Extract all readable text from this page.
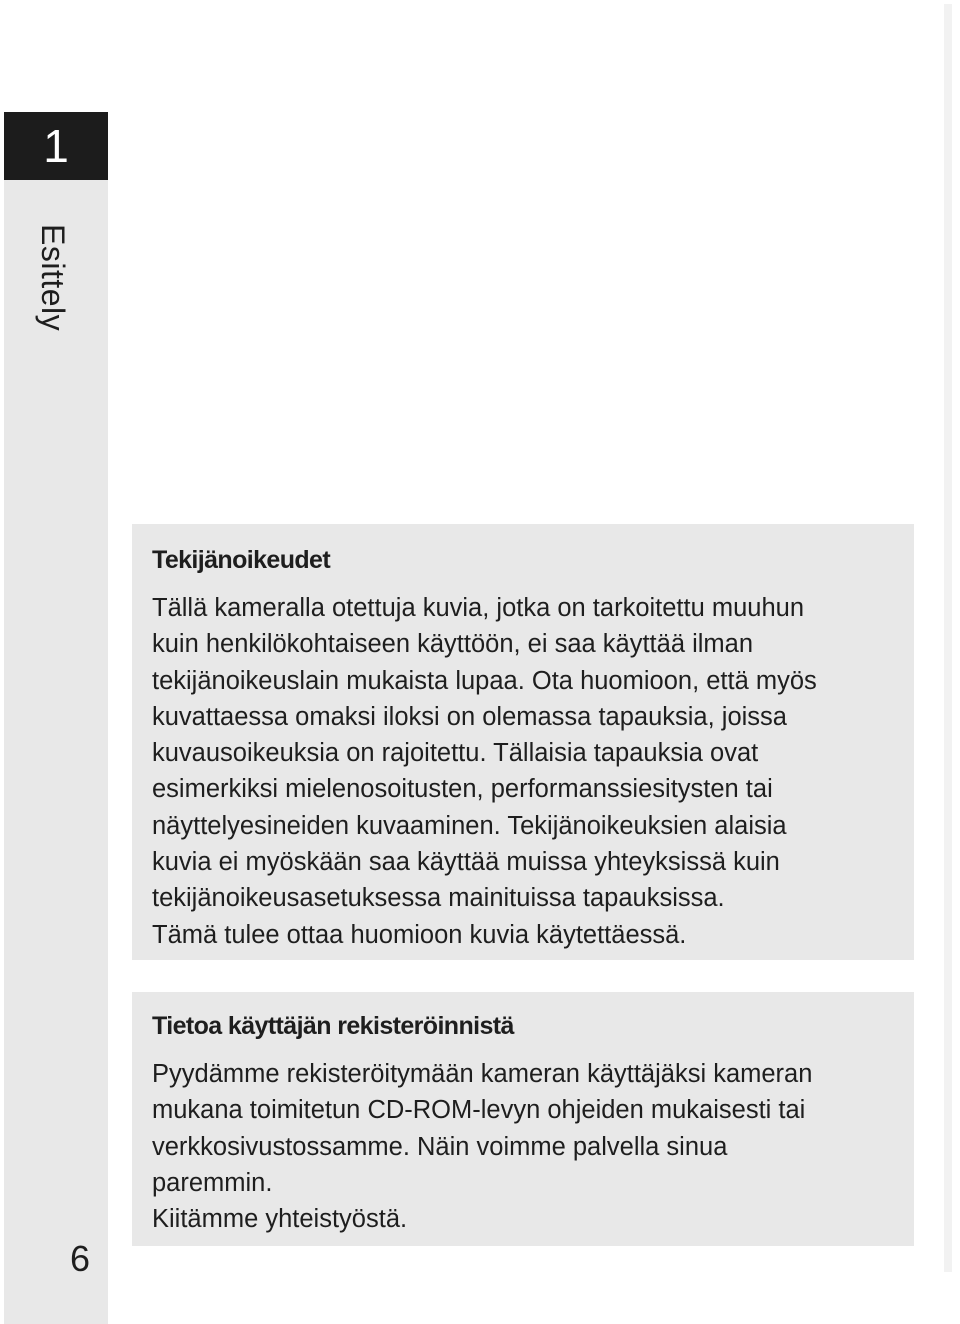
1
Esittely
6
Tekijänoikeudet

Tällä kameralla otettuja kuvia, jotka on tarkoitettu muuhun
kuin henkilökohtaiseen käyttöön, ei saa käyttää ilman
tekijänoikeuslain mukaista lupaa. Ota huomioon, että myös
kuvattaessa omaksi iloksi on olemassa tapauksia, joissa
kuvausoikeuksia on rajoitettu. Tällaisia tapauksia ovat
esimerkiksi mielenosoitusten, performanssiesitysten tai
näyttelyesineiden kuvaaminen. Tekijänoikeuksien alaisia
kuvia ei myöskään saa käyttää muissa yhteyksissä kuin
tekijänoikeusasetuksessa mainituissa tapauksissa.
Tämä tulee ottaa huomioon kuvia käytettäessä.

Tietoa käyttäjän rekisteröinnistä

Pyydämme rekisteröitymään kameran käyttäjäksi kameran
mukana toimitetun CD-ROM-levyn ohjeiden mukaisesti tai
verkkosivustossamme. Näin voimme palvella sinua
paremmin.
Kiitämme yhteistyöstä.
